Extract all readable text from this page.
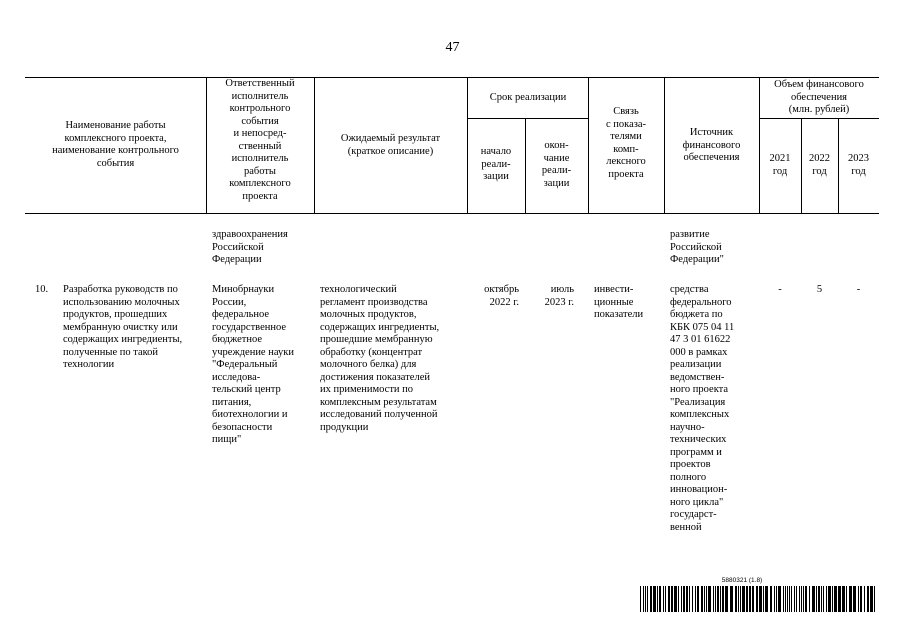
47
Наименование работы
комплексного проекта,
наименование контрольного
события
Ответственный
исполнитель
контрольного
события
и непосред-
ственный
исполнитель
работы
комплексного
проекта
Ожидаемый результат
(краткое описание)
Срок реализации
начало
реали-
зации
окон-
чание
реали-
зации
Связь
с показа-
телями
комп-
лексного
проекта
Источник
финансового
обеспечения
Объем финансового
обеспечения
(млн. рублей)
2021
год
2022
год
2023
год
здравоохранения
Российской
Федерации
развитие
Российской
Федерации"
10. Разработка руководств по
использованию молочных
продуктов, прошедших
мембранную очистку или
содержащих ингредиенты,
полученные по такой
технологии
Минобрнауки
России,
федеральное
государственное
бюджетное
учреждение науки
"Федеральный
исследова-
тельский центр
питания,
биотехнологии и
безопасности
пищи"
технологический
регламент производства
молочных продуктов,
содержащих ингредиенты,
прошедшие мембранную
обработку (концентрат
молочного белка) для
достижения показателей
их применимости по
комплексным результатам
исследований полученной
продукции
октябрь
2022 г.
июль
2023 г.
инвести-
ционные
показатели
средства
федерального
бюджета по
КБК 075 04 11
47 3 01 61622
000 в рамках
реализации
ведомствен-
ного проекта
"Реализация
комплексных
научно-
технических
программ и
проектов
полного
инновацион-
ного цикла"
государст-
венной
-	5	-
5880321 (1.8)
